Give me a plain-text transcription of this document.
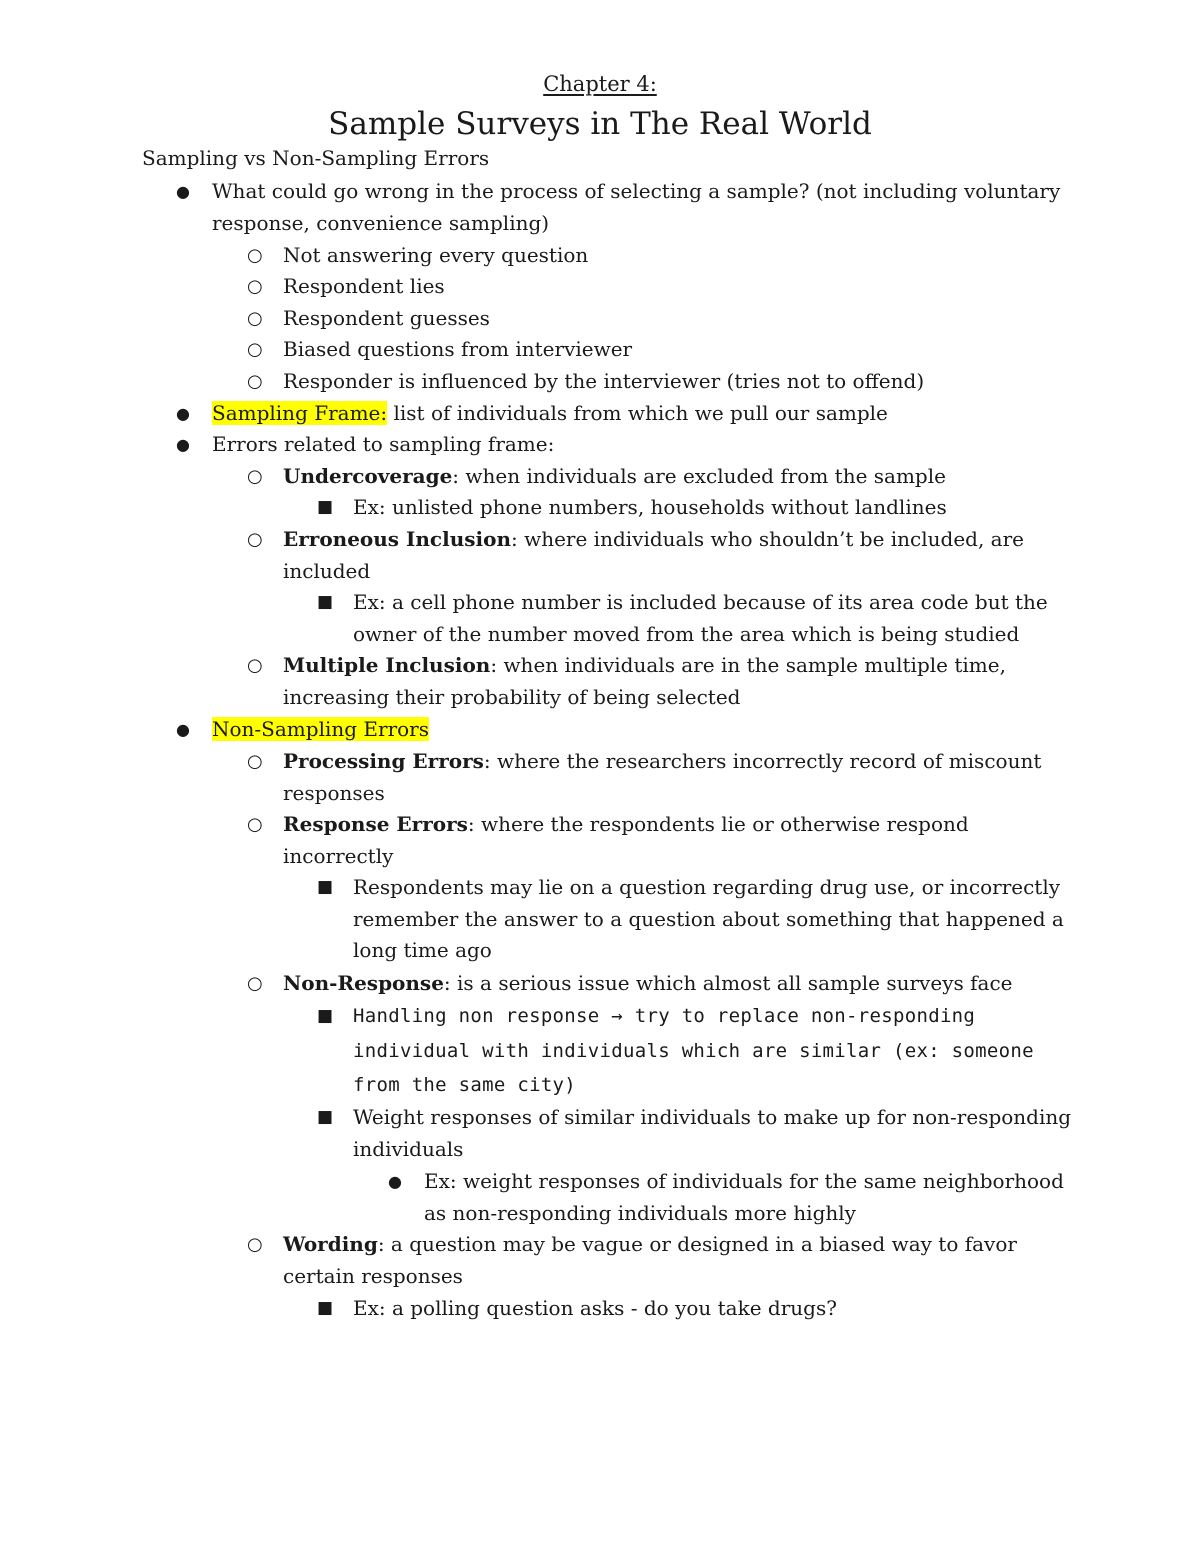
Chapter 4:
Sample Surveys in The Real World
Sampling vs Non-Sampling Errors
● What could go wrong in the process of selecting a sample? (not including voluntary response, convenience sampling)
○ Not answering every question
○ Respondent lies
○ Respondent guesses
○ Biased questions from interviewer
○ Responder is influenced by the interviewer (tries not to offend)
● Sampling Frame: list of individuals from which we pull our sample
● Errors related to sampling frame:
○ Undercoverage: when individuals are excluded from the sample
■ Ex: unlisted phone numbers, households without landlines
○ Erroneous Inclusion: where individuals who shouldn’t be included, are included
■ Ex: a cell phone number is included because of its area code but the owner of the number moved from the area which is being studied
○ Multiple Inclusion: when individuals are in the sample multiple time, increasing their probability of being selected
● Non-Sampling Errors
○ Processing Errors: where the researchers incorrectly record of miscount responses
○ Response Errors: where the respondents lie or otherwise respond incorrectly
■ Respondents may lie on a question regarding drug use, or incorrectly remember the answer to a question about something that happened a long time ago
○ Non-Response: is a serious issue which almost all sample surveys face
■ Handling non response → try to replace non-responding individual with individuals which are similar (ex: someone from the same city)
■ Weight responses of similar individuals to make up for non-responding individuals
● Ex: weight responses of individuals for the same neighborhood as non-responding individuals more highly
○ Wording: a question may be vague or designed in a biased way to favor certain responses
■ Ex: a polling question asks - do you take drugs?
